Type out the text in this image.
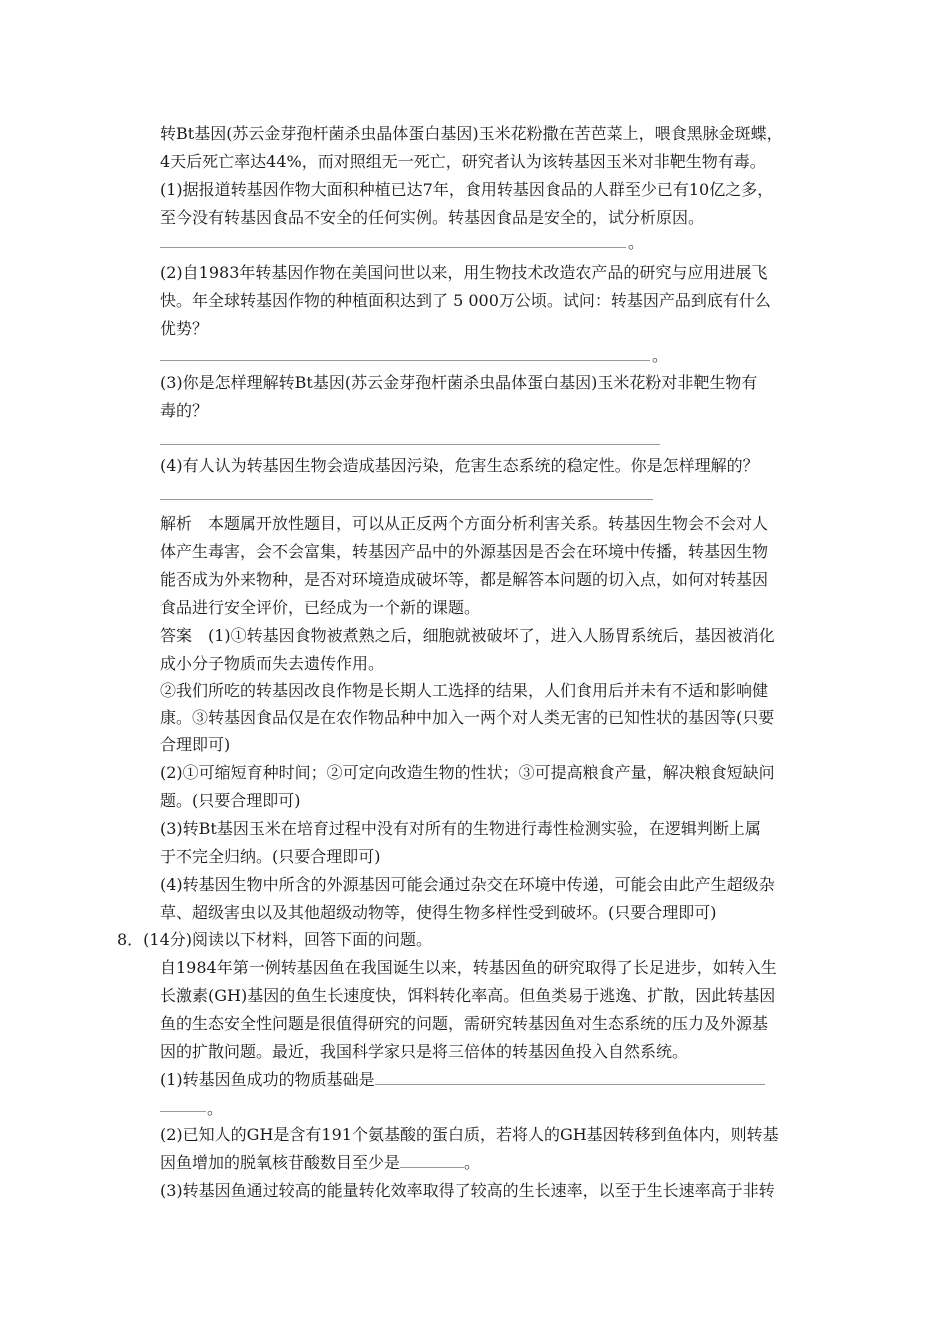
转Bt基因(苏云金芽孢杆菌杀虫晶体蛋白基因)玉米花粉撒在苦芭菜上，喂食黑脉金斑蝶，
4天后死亡率达44%，而对照组无一死亡，研究者认为该转基因玉米对非靶生物有毒。
(1)据报道转基因作物大面积种植已达7年，食用转基因食品的人群至少已有10亿之多，
至今没有转基因食品不安全的任何实例。转基因食品是安全的，试分析原因。
。
(2)自1983年转基因作物在美国问世以来，用生物技术改造农产品的研究与应用进展飞
快。年全球转基因作物的种植面积达到了 5 000万公顷。试问：转基因产品到底有什么
优势？
。
(3)你是怎样理解转Bt基因(苏云金芽孢杆菌杀虫晶体蛋白基因)玉米花粉对非靶生物有
毒的？
(4)有人认为转基因生物会造成基因污染，危害生态系统的稳定性。你是怎样理解的？
解析　本题属开放性题目，可以从正反两个方面分析利害关系。转基因生物会不会对人
体产生毒害，会不会富集，转基因产品中的外源基因是否会在环境中传播，转基因生物
能否成为外来物种，是否对环境造成破坏等，都是解答本问题的切入点，如何对转基因
食品进行安全评价，已经成为一个新的课题。
答案　(1)①转基因食物被煮熟之后，细胞就被破坏了，进入人肠胃系统后，基因被消化
成小分子物质而失去遗传作用。
②我们所吃的转基因改良作物是长期人工选择的结果，人们食用后并未有不适和影响健
康。③转基因食品仅是在农作物品种中加入一两个对人类无害的已知性状的基因等(只要
合理即可)
(2)①可缩短育种时间；②可定向改造生物的性状；③可提高粮食产量，解决粮食短缺问
题。(只要合理即可)
(3)转Bt基因玉米在培育过程中没有对所有的生物进行毒性检测实验，在逻辑判断上属
于不完全归纳。(只要合理即可)
(4)转基因生物中所含的外源基因可能会通过杂交在环境中传递，可能会由此产生超级杂
草、超级害虫以及其他超级动物等，使得生物多样性受到破坏。(只要合理即可)
8．(14分)阅读以下材料，回答下面的问题。
自1984年第一例转基因鱼在我国诞生以来，转基因鱼的研究取得了长足进步，如转入生
长激素(GH)基因的鱼生长速度快，饵料转化率高。但鱼类易于逃逸、扩散，因此转基因
鱼的生态安全性问题是很值得研究的问题，需研究转基因鱼对生态系统的压力及外源基
因的扩散问题。最近，我国科学家只是将三倍体的转基因鱼投入自然系统。
(1)转基因鱼成功的物质基础是
。
(2)已知人的GH是含有191个氨基酸的蛋白质，若将人的GH基因转移到鱼体内，则转基
因鱼增加的脱氧核苷酸数目至少是	。
(3)转基因鱼通过较高的能量转化效率取得了较高的生长速率，以至于生长速率高于非转
